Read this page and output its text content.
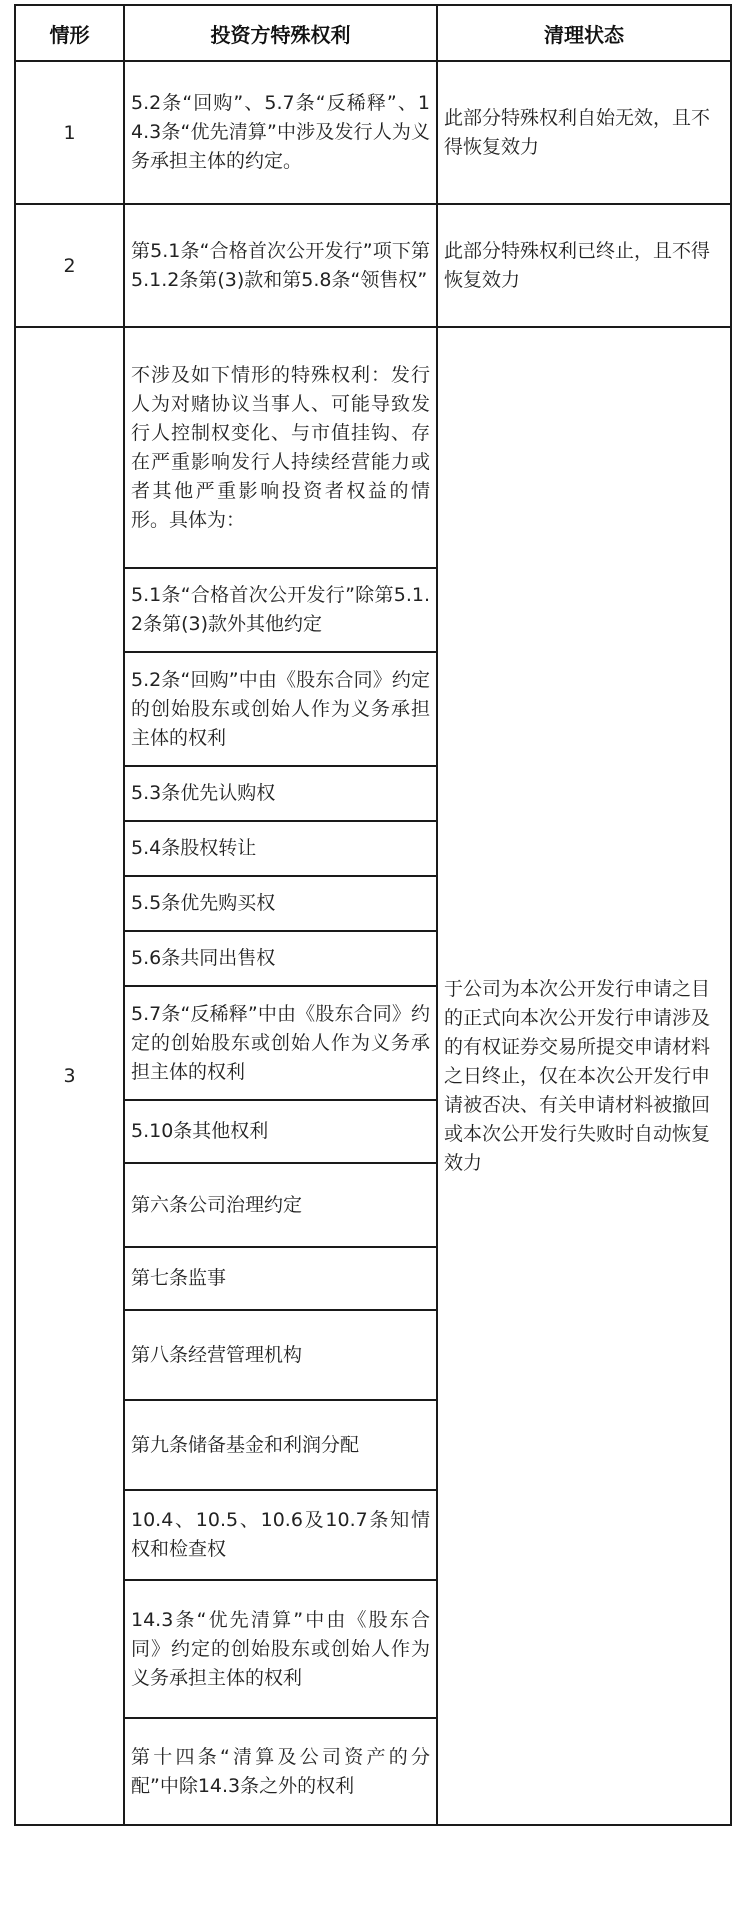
情形	投资方特殊权利	清理状态
1	5.2条“回购”、5.7条“反稀释”、14.3条“优先清算”中涉及发行人为义务承担主体的约定。	此部分特殊权利自始无效，且不得恢复效力
2	第5.1条“合格首次公开发行”项下第5.1.2条第(3)款和第5.8条“领售权”	此部分特殊权利已终止，且不得恢复效力
3	不涉及如下情形的特殊权利：发行人为对赌协议当事人、可能导致发行人控制权变化、与市值挂钩、存在严重影响发行人持续经营能力或者其他严重影响投资者权益的情形。具体为：	于公司为本次公开发行申请之目的正式向本次公开发行申请涉及的有权证券交易所提交申请材料之日终止，仅在本次公开发行申请被否决、有关申请材料被撤回或本次公开发行失败时自动恢复效力
	5.1条“合格首次公开发行”除第5.1.2条第(3)款外其他约定	
	5.2条“回购”中由《股东合同》约定的创始股东或创始人作为义务承担主体的权利	
	5.3条优先认购权	
	5.4条股权转让	
	5.5条优先购买权	
	5.6条共同出售权	
	5.7条“反稀释”中由《股东合同》约定的创始股东或创始人作为义务承担主体的权利	
	5.10条其他权利	
	第六条公司治理约定	
	第七条监事	
	第八条经营管理机构	
	第九条储备基金和利润分配	
	10.4、10.5、10.6及10.7条知情权和检查权	
	14.3条“优先清算”中由《股东合同》约定的创始股东或创始人作为义务承担主体的权利	
	第十四条“清算及公司资产的分配”中除14.3条之外的权利	
